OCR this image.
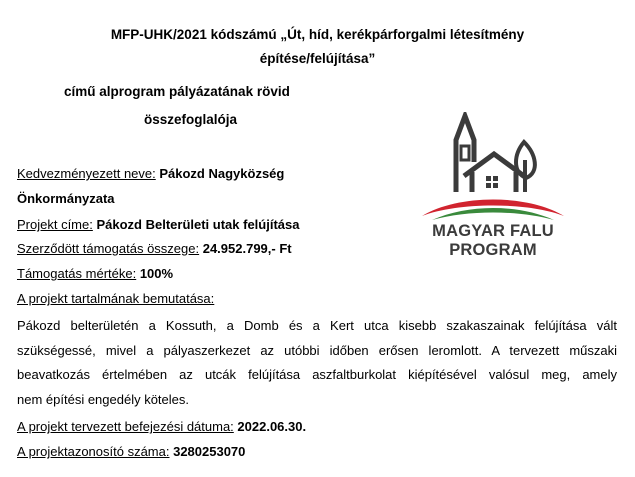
MFP-UHK/2021 kódszámú „Út, híd, kerékpárforgalmi létesítmény
építése/felújítása”
című alprogram pályázatának rövid
összefoglalója
MAGYAR FALU
PROGRAM
Kedvezményezett neve: Pákozd Nagyközség
Önkormányzata
Projekt címe: Pákozd Belterületi utak felújítása
Szerződött támogatás összege: 24.952.799,- Ft
Támogatás mértéke: 100%
A projekt tartalmának bemutatása:
Pákozd belterületén a Kossuth, a Domb és a Kert utca kisebb szakaszainak felújítása vált
szükségessé, mivel a pályaszerkezet az utóbbi időben erősen leromlott. A tervezett műszaki
beavatkozás értelmében az utcák felújítása aszfaltburkolat kiépítésével valósul meg, amely
nem építési engedély köteles.
A projekt tervezett befejezési dátuma: 2022.06.30.
A projektazonosító száma: 3280253070
